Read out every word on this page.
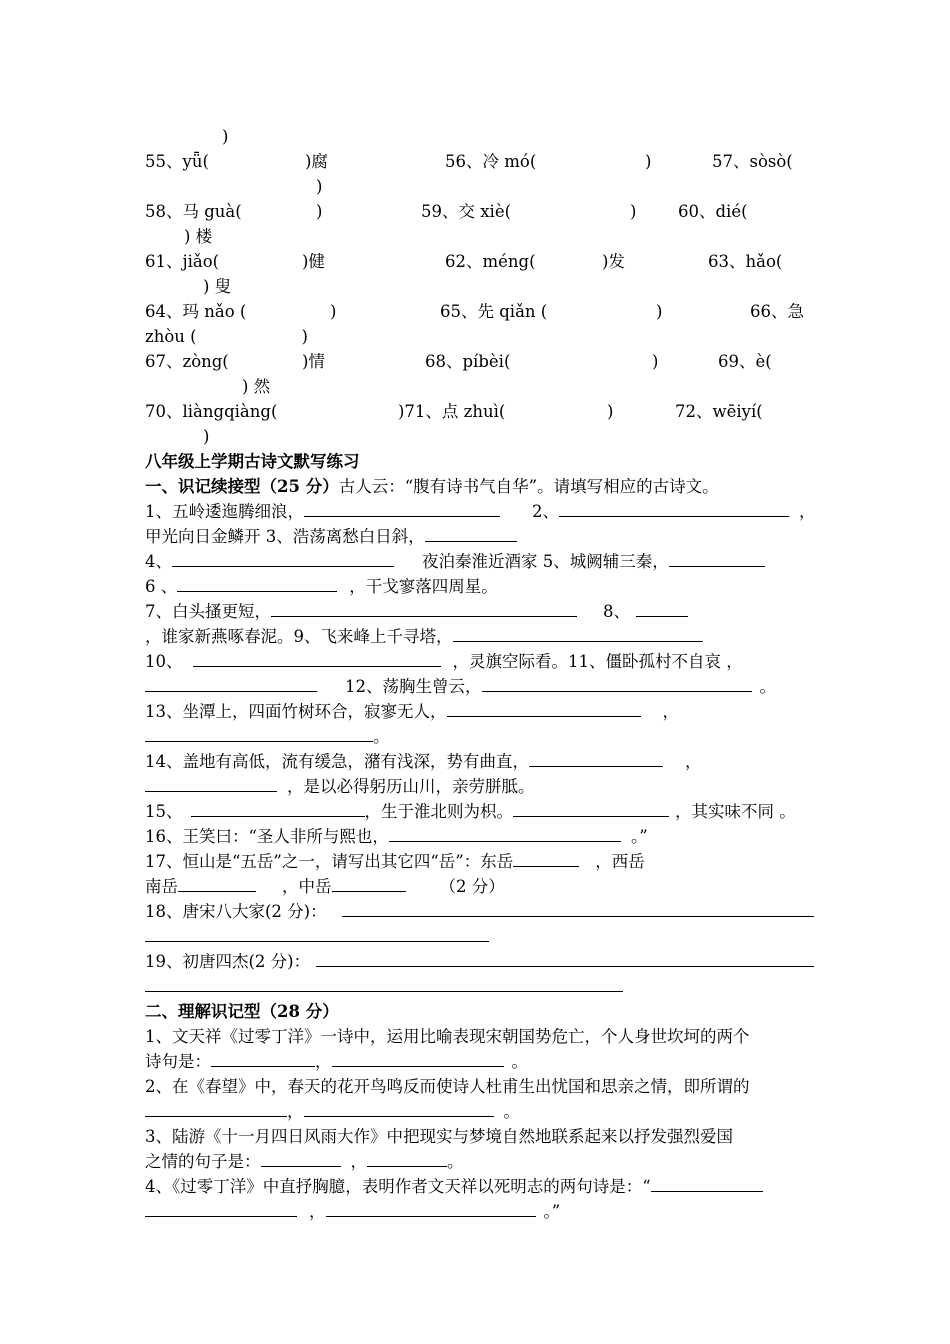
)
55、yǖ(	)腐	56、冷 mó(	)	57、sòsò(
)
58、马 guà(	)	59、交 xiè(	)	60、dié(
) 楼
61、jiǎo(	)健	62、méng(	)发	63、hǎo(
) 叟
64、玛 nǎo (	)	65、先 qiǎn (	)	66、急
zhòu (                    )
67、zòng(	)情	68、píbèi(	)	69、è(
) 然
70、liàngqiàng(	)71、点 zhuì(	)	72、wēiyí(
)
八年级上学期古诗文默写练习
一、识记续接型（25 分）古人云：“腹有诗书气自华”。请填写相应的古诗文。
1、五岭逶迤腾细浪，	2、	，
甲光向日金鳞开 3、浩荡离愁白日斜，
4、	夜泊秦淮近酒家 5、城阙辅三秦，
6 、	，干戈寥落四周星。
7、白头搔更短，	8、
，谁家新燕啄春泥。9、飞来峰上千寻塔，
10、	，灵旗空际看。11、僵卧孤村不自哀 ，
12、荡胸生曾云，	。
13、坐潭上，四面竹树环合，寂寥无人，	，
。
14、盖地有高低，流有缓急，潴有浅深，势有曲直，	，
，是以必得躬历山川，亲劳胼胝。
15、	，生于淮北则为枳。	，其实味不同 。
16、王笑曰：“圣人非所与熙也，	。”
17、恒山是“五岳”之一，请写出其它四“岳”：东岳	，西岳
南岳	，中岳	（2 分）
18、唐宋八大家(2 分)：
19、初唐四杰(2 分)：
二、理解识记型（28 分）
1、文天祥《过零丁洋》一诗中，运用比喻表现宋朝国势危亡，个人身世坎坷的两个
诗句是：	，	。
2、在《春望》中，春天的花开鸟鸣反而使诗人杜甫生出忧国和思亲之情，即所谓的
，	。
3、陆游《十一月四日风雨大作》中把现实与梦境自然地联系起来以抒发强烈爱国
之情的句子是：	，	。
4、《过零丁洋》中直抒胸臆，表明作者文天祥以死明志的两句诗是：“
，	。”
